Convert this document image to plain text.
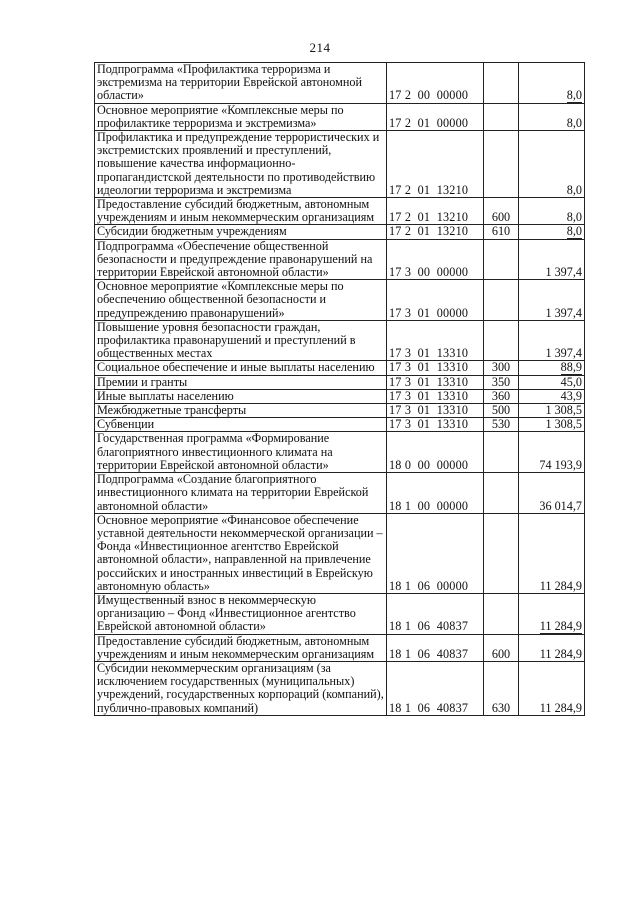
214
Подпрограмма «Профилактика терроризма и экстремизма на территории Еврейской автономной области»	17 2  00  00000		8,0
Основное мероприятие «Комплексные меры по профилактике терроризма и экстремизма»	17 2  01  00000		8,0
Профилактика и предупреждение террористических и экстремистских проявлений и преступлений, повышение качества информационно-пропагандистской деятельности по противодействию идеологии терроризма и экстремизма	17 2  01  13210		8,0
Предоставление субсидий бюджетным, автономным учреждениям и иным некоммерческим организациям	17 2  01  13210	600	8,0
Субсидии бюджетным учреждениям	17 2  01  13210	610	8,0
Подпрограмма «Обеспечение общественной безопасности и предупреждение правонарушений на территории Еврейской автономной области»	17 3  00  00000		1 397,4
Основное мероприятие «Комплексные меры по обеспечению общественной безопасности и предупреждению правонарушений»	17 3  01  00000		1 397,4
Повышение уровня безопасности граждан, профилактика правонарушений и преступлений в общественных местах	17 3  01  13310		1 397,4
Социальное обеспечение и иные выплаты населению	17 3  01  13310	300	88,9
Премии и гранты	17 3  01  13310	350	45,0
Иные выплаты населению	17 3  01  13310	360	43,9
Межбюджетные трансферты	17 3  01  13310	500	1 308,5
Субвенции	17 3  01  13310	530	1 308,5
Государственная программа «Формирование благоприятного инвестиционного климата на территории Еврейской автономной области»	18 0  00  00000		74 193,9
Подпрограмма «Создание благоприятного инвестиционного климата на территории Еврейской автономной области»	18 1  00  00000		36 014,7
Основное мероприятие «Финансовое обеспечение уставной деятельности некоммерческой организации – Фонда «Инвестиционное агентство Еврейской автономной области», направленной на привлечение российских и иностранных инвестиций в Еврейскую автономную область»	18 1  06  00000		11 284,9
Имущественный взнос в некоммерческую организацию – Фонд «Инвестиционное агентство Еврейской автономной области»	18 1  06  40837		11 284,9
Предоставление субсидий бюджетным, автономным учреждениям и иным некоммерческим организациям	18 1  06  40837	600	11 284,9
Субсидии некоммерческим организациям (за исключением государственных (муниципальных) учреждений, государственных корпораций (компаний), публично-правовых компаний)	18 1  06  40837	630	11 284,9
